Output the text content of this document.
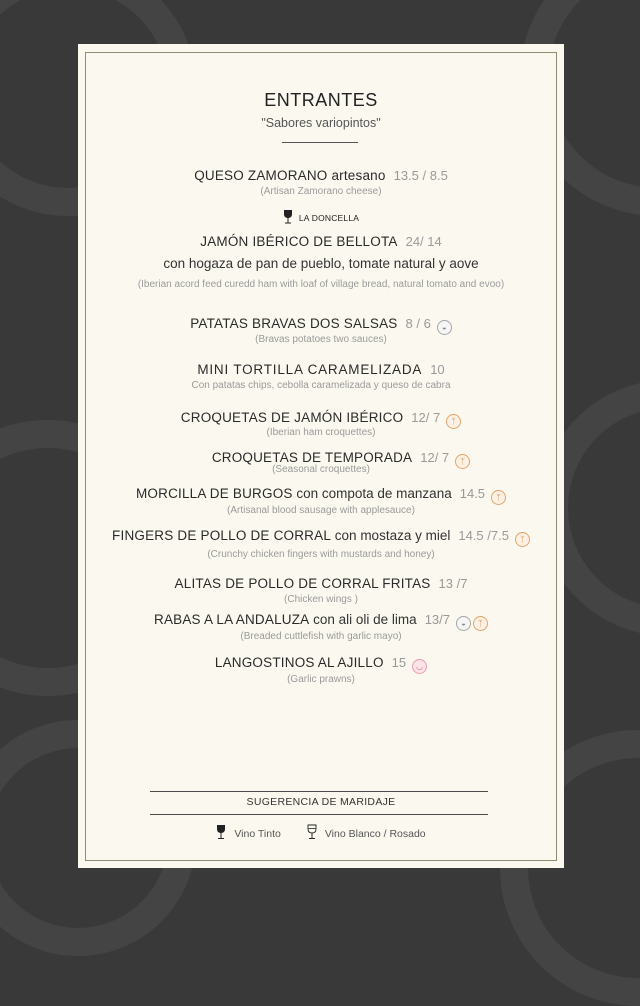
ENTRANTES
"Sabores variopintos"
QUESO ZAMORANO artesano 13.5 / 8.5
(Artisan Zamorano cheese)
LA DONCELLA
JAMÓN IBÉRICO DE BELLOTA 24/ 14
con hogaza de pan de pueblo, tomate natural y aove
(Iberian acord feed curedd ham with loaf of village bread, natural tomato and evoo)
PATATAS BRAVAS DOS SALSAS 8 / 6 ◒
(Bravas potatoes two sauces)
MINI TORTILLA CARAMELIZADA 10
Con patatas chips, cebolla caramelizada y queso de cabra
CROQUETAS DE JAMÓN IBÉRICO 12/ 7 ᛉ
(Iberian ham croquettes)
CROQUETAS DE TEMPORADA 12/ 7 ᛉ
(Seasonal croquettes)
MORCILLA DE BURGOS con compota de manzana 14.5 ᛉ
(Artisanal blood sausage with applesauce)
FINGERS DE POLLO DE CORRAL con mostaza y miel 14.5 /7.5 ᛉ
(Crunchy chicken fingers with mustards and honey)
ALITAS DE POLLO DE CORRAL FRITAS 13 /7
(Chicken wings )
RABAS A LA ANDALUZA con ali oli de lima 13/7 ◒ ᛉ
(Breaded cuttlefish with garlic mayo)
LANGOSTINOS AL AJILLO 15 ◡
(Garlic prawns)
SUGERENCIA DE MARIDAJE
Vino Tinto	Vino Blanco / Rosado
